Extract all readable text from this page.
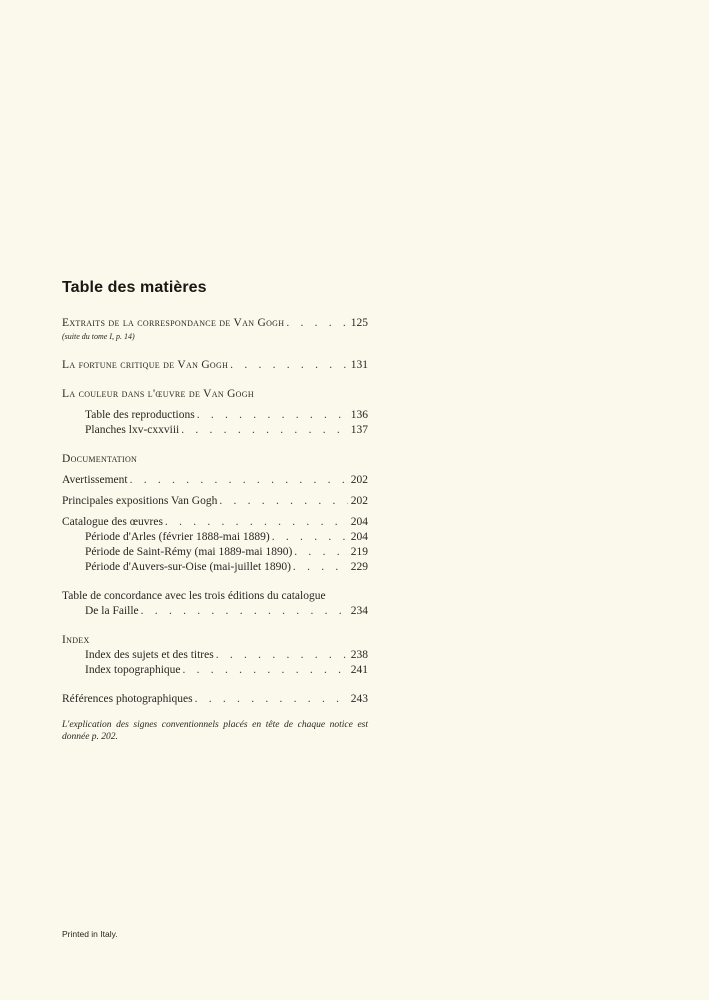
Table des matières
Extraits de la correspondance de Van Gogh . . .	125
(suite du tome I, p. 14)
La fortune critique de Van Gogh . . .	131
La couleur dans l'œuvre de Van Gogh
Table des reproductions . . .	136
Planches lxv-cxxviii . . .	137
Documentation
Avertissement . . .	202
Principales expositions Van Gogh . . .	202
Catalogue des œuvres . . .	204
Période d'Arles (février 1888-mai 1889) . . .	204
Période de Saint-Rémy (mai 1889-mai 1890) . . .	219
Période d'Auvers-sur-Oise (mai-juillet 1890) . . .	229
Table de concordance avec les trois éditions du catalogue
De la Faille . . .	234
Index
Index des sujets et des titres . . .	238
Index topographique . . .	241
Références photographiques . . .	243
L'explication des signes conventionnels placés en tête de chaque notice est donnée p. 202.
Printed in Italy.
